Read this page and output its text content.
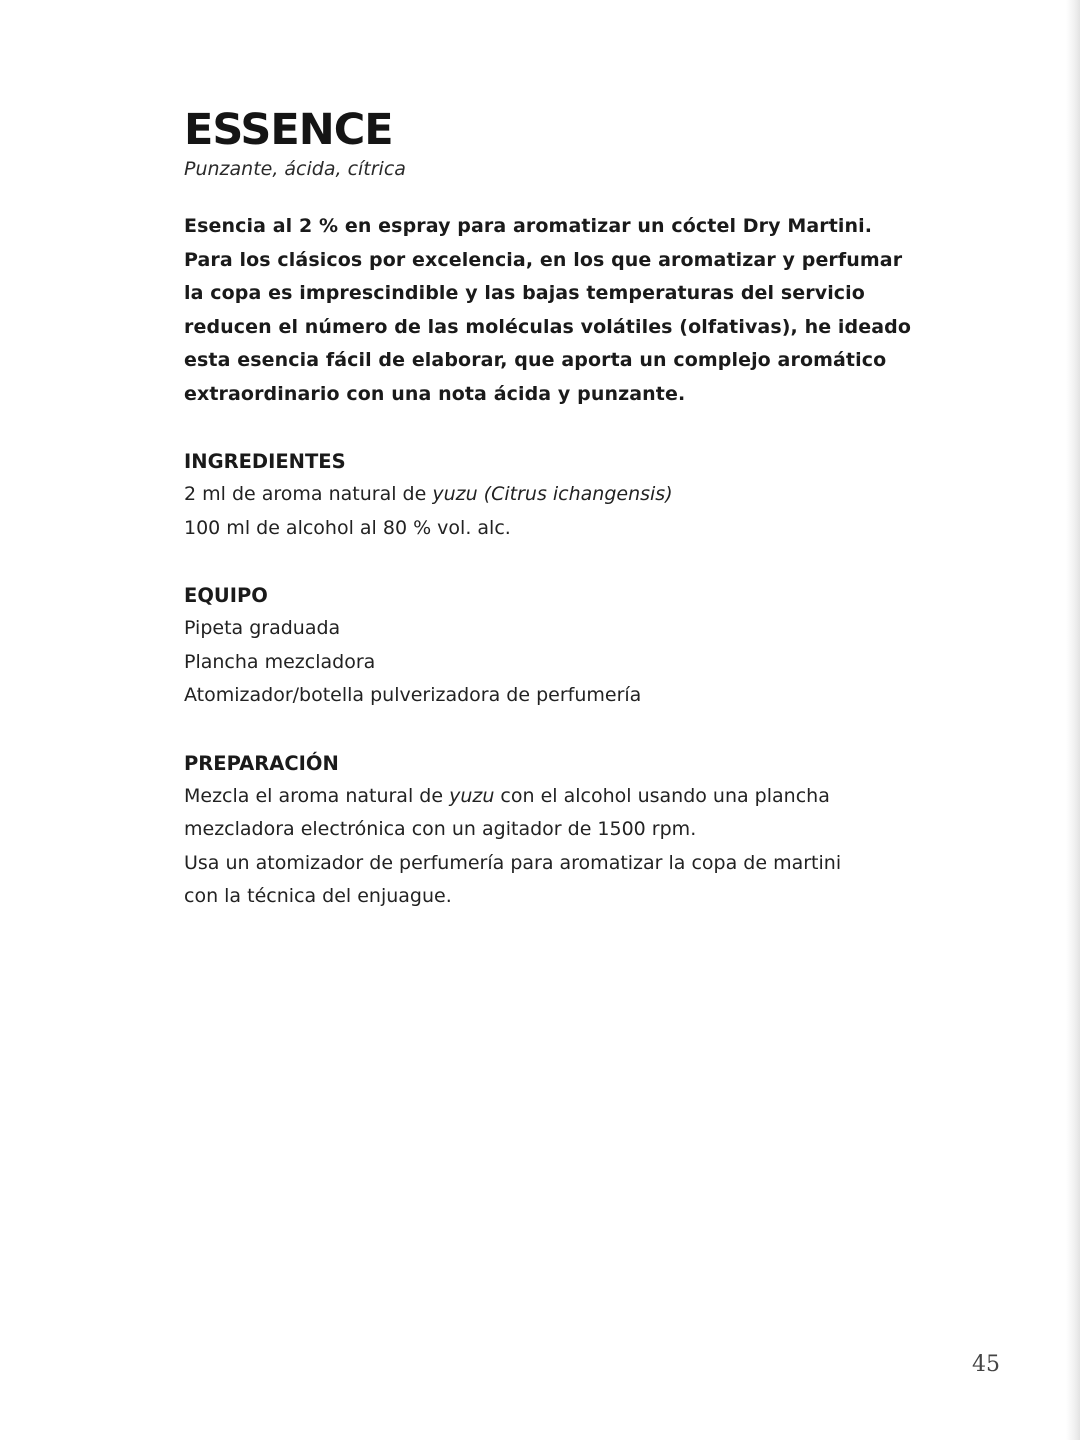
ESSENCE

Punzante, ácida, cítrica

Esencia al 2 % en espray para aromatizar un cóctel Dry Martini.
Para los clásicos por excelencia, en los que aromatizar y perfumar
la copa es imprescindible y las bajas temperaturas del servicio
reducen el número de las moléculas volátiles (olfativas), he ideado
esta esencia fácil de elaborar, que aporta un complejo aromático
extraordinario con una nota ácida y punzante.

INGREDIENTES
2 ml de aroma natural de yuzu (Citrus ichangensis)
100 ml de alcohol al 80 % vol. alc.
EQUIPO
Pipeta graduada
Plancha mezcladora
Atomizador/botella pulverizadora de perfumería
PREPARACIÓN
Mezcla el aroma natural de yuzu con el alcohol usando una plancha
mezcladora electrónica con un agitador de 1500 rpm.
Usa un atomizador de perfumería para aromatizar la copa de martini
con la técnica del enjuague.
45
